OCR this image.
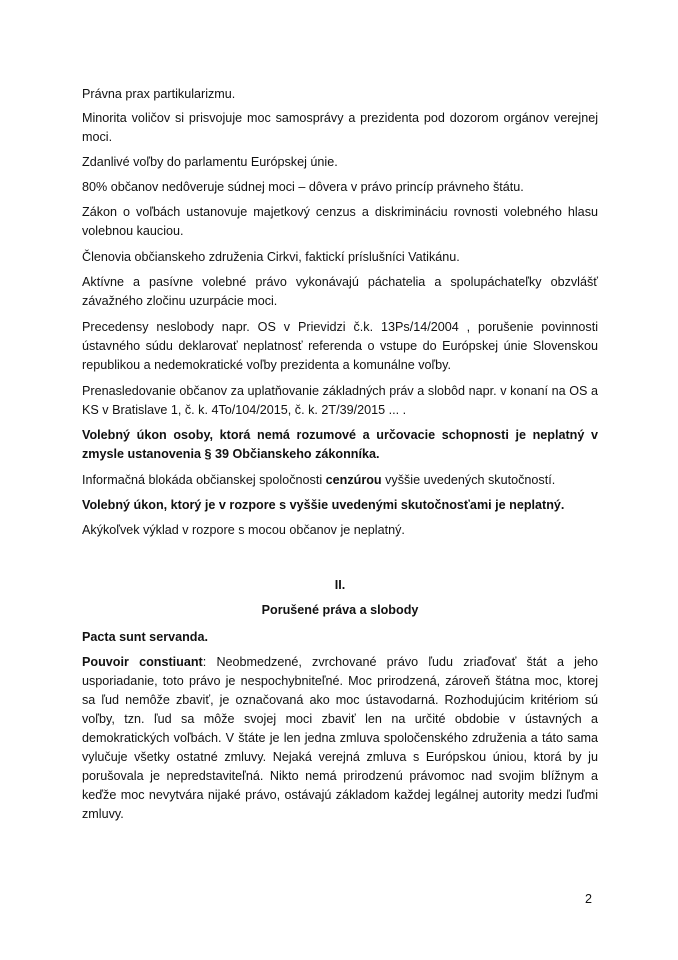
Právna prax partikularizmu.

Minorita voličov si prisvojuje moc samosprávy a prezidenta pod dozorom orgánov verejnej moci.

Zdanlivé voľby do parlamentu Európskej únie.

80% občanov nedôveruje súdnej moci – dôvera v právo princíp právneho štátu.

Zákon o voľbách ustanovuje majetkový cenzus a diskrimináciu rovnosti volebného hlasu volebnou kauciou.

Členovia občianskeho združenia Cirkvi, faktickí príslušníci Vatikánu.

Aktívne a pasívne volebné právo vykonávajú páchatelia a spolupáchateľky obzvlášť závažného zločinu uzurpácie moci.

Precedensy neslobody napr. OS v Prievidzi č.k. 13Ps/14/2004 , porušenie povinnosti ústavného súdu deklarovať neplatnosť referenda o vstupe do Európskej únie Slovenskou republikou a nedemokratické voľby prezidenta a komunálne voľby.

Prenasledovanie občanov za uplatňovanie základných práv a slobôd napr. v konaní na OS a KS v Bratislave 1, č. k. 4To/104/2015, č. k. 2T/39/2015 ... .

Volebný úkon osoby, ktorá nemá rozumové a určovacie schopnosti je neplatný v zmysle ustanovenia § 39 Občianskeho zákonníka.

Informačná blokáda občianskej spoločnosti cenzúrou vyššie uvedených skutočností.

Volebný úkon, ktorý je v rozpore s vyššie uvedenými skutočnosťami je neplatný.

Akýkoľvek výklad v rozpore s mocou občanov je neplatný.

II.
Porušené práva a slobody

Pacta sunt servanda.

Pouvoir constiuant: Neobmedzené, zvrchované právo ľudu zriaďovať štát a jeho usporiadanie, toto právo je nespochybniteľné. Moc prirodzená, zároveň štátna moc, ktorej sa ľud nemôže zbaviť, je označovaná ako moc ústavodarná. Rozhodujúcim kritériom sú voľby, tzn. ľud sa môže svojej moci zbaviť len na určité obdobie v ústavných a demokratických voľbách. V štáte je len jedna zmluva spoločenského združenia a táto sama vylučuje všetky ostatné zmluvy. Nejaká verejná zmluva s Európskou úniou, ktorá by ju porušovala je nepredstaviteľná. Nikto nemá prirodzenú právomoc nad svojim blížnym a keďže moc nevytvára nijaké právo, ostávajú základom každej legálnej autority medzi ľuďmi zmluvy.

2
